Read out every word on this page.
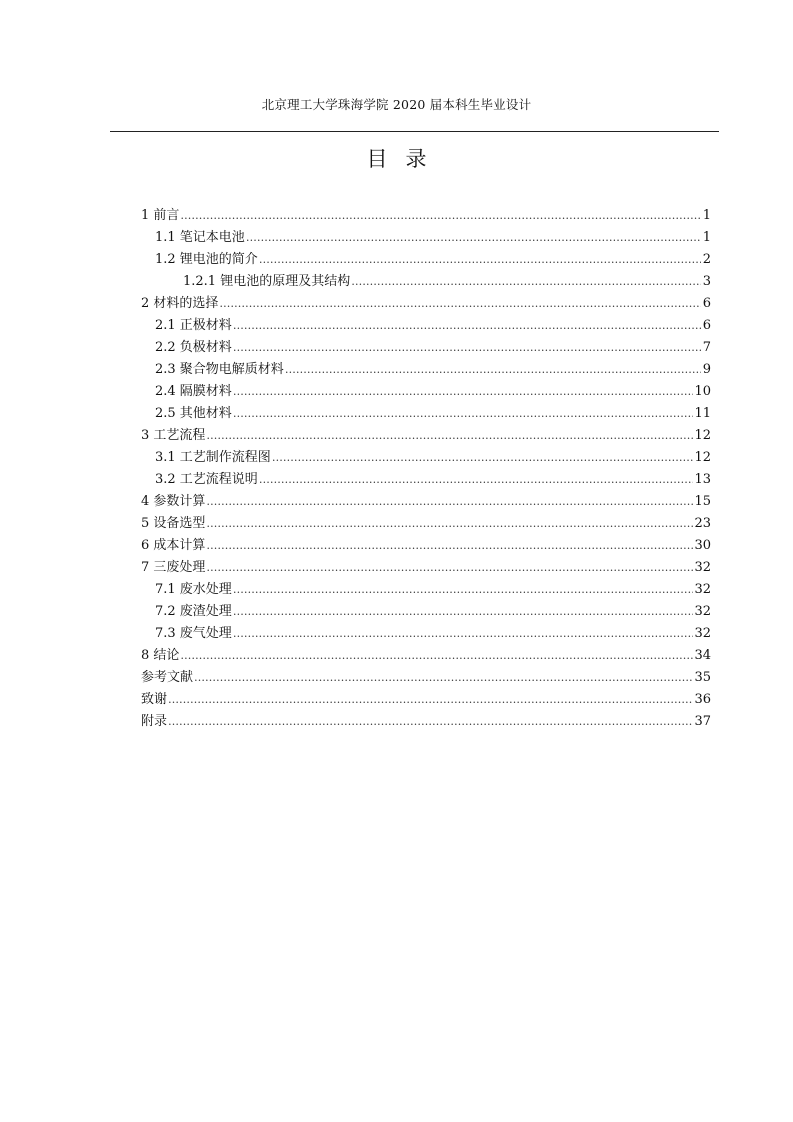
北京理工大学珠海学院 2020 届本科生毕业设计
目录
1 前言 ……………………………………………………………………………………………………………………………………………………………………………………………………	1
1.1 笔记本电池 ……………………………………………………………………………………………………………………………………………………………………………………………………	1
1.2 锂电池的简介 ……………………………………………………………………………………………………………………………………………………………………………………………………	2
1.2.1 锂电池的原理及其结构 ……………………………………………………………………………………………………………………………………………………………………………………………………	3
2 材料的选择 ……………………………………………………………………………………………………………………………………………………………………………………………………	6
2.1 正极材料 ……………………………………………………………………………………………………………………………………………………………………………………………………	6
2.2 负极材料 ……………………………………………………………………………………………………………………………………………………………………………………………………	7
2.3 聚合物电解质材料 ……………………………………………………………………………………………………………………………………………………………………………………………………	9
2.4 隔膜材料 ……………………………………………………………………………………………………………………………………………………………………………………………………	10
2.5 其他材料 ……………………………………………………………………………………………………………………………………………………………………………………………………	11
3 工艺流程 ……………………………………………………………………………………………………………………………………………………………………………………………………	12
3.1 工艺制作流程图 ……………………………………………………………………………………………………………………………………………………………………………………………………	12
3.2 工艺流程说明 ……………………………………………………………………………………………………………………………………………………………………………………………………	13
4 参数计算 ……………………………………………………………………………………………………………………………………………………………………………………………………	15
5 设备选型 ……………………………………………………………………………………………………………………………………………………………………………………………………	23
6 成本计算 ……………………………………………………………………………………………………………………………………………………………………………………………………	30
7 三废处理 ……………………………………………………………………………………………………………………………………………………………………………………………………	32
7.1 废水处理 ……………………………………………………………………………………………………………………………………………………………………………………………………	32
7.2 废渣处理 ……………………………………………………………………………………………………………………………………………………………………………………………………	32
7.3 废气处理 ……………………………………………………………………………………………………………………………………………………………………………………………………	32
8 结论 ……………………………………………………………………………………………………………………………………………………………………………………………………	34
参考文献 ……………………………………………………………………………………………………………………………………………………………………………………………………	35
致谢 ……………………………………………………………………………………………………………………………………………………………………………………………………	36
附录 ……………………………………………………………………………………………………………………………………………………………………………………………………	37
